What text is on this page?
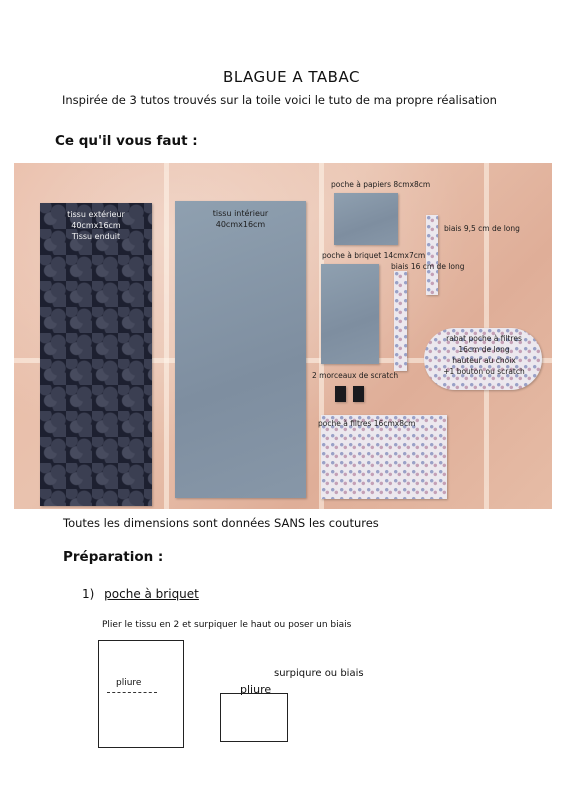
BLAGUE A TABAC
Inspirée de 3 tutos trouvés sur la toile voici le tuto de ma propre réalisation
Ce qu'il vous faut :
tissu extérieur
40cmx16cm
Tissu enduit
tissu intérieur
40cmx16cm
poche à papiers 8cmx8cm
poche à briquet 14cmx7cm
biais 9,5 cm de long
biais 16 cm de long
rabat poche à filtres
16cm de long
hauteur au choix
+1 bouton ou scratch
2 morceaux de scratch
poche à filtres 16cmx8cm
Toutes les dimensions sont données SANS les coutures
Préparation :
1) poche à briquet
Plier le tissu en 2 et surpiquer le haut ou poser un biais
pliure
surpiqure ou biais
pliure
